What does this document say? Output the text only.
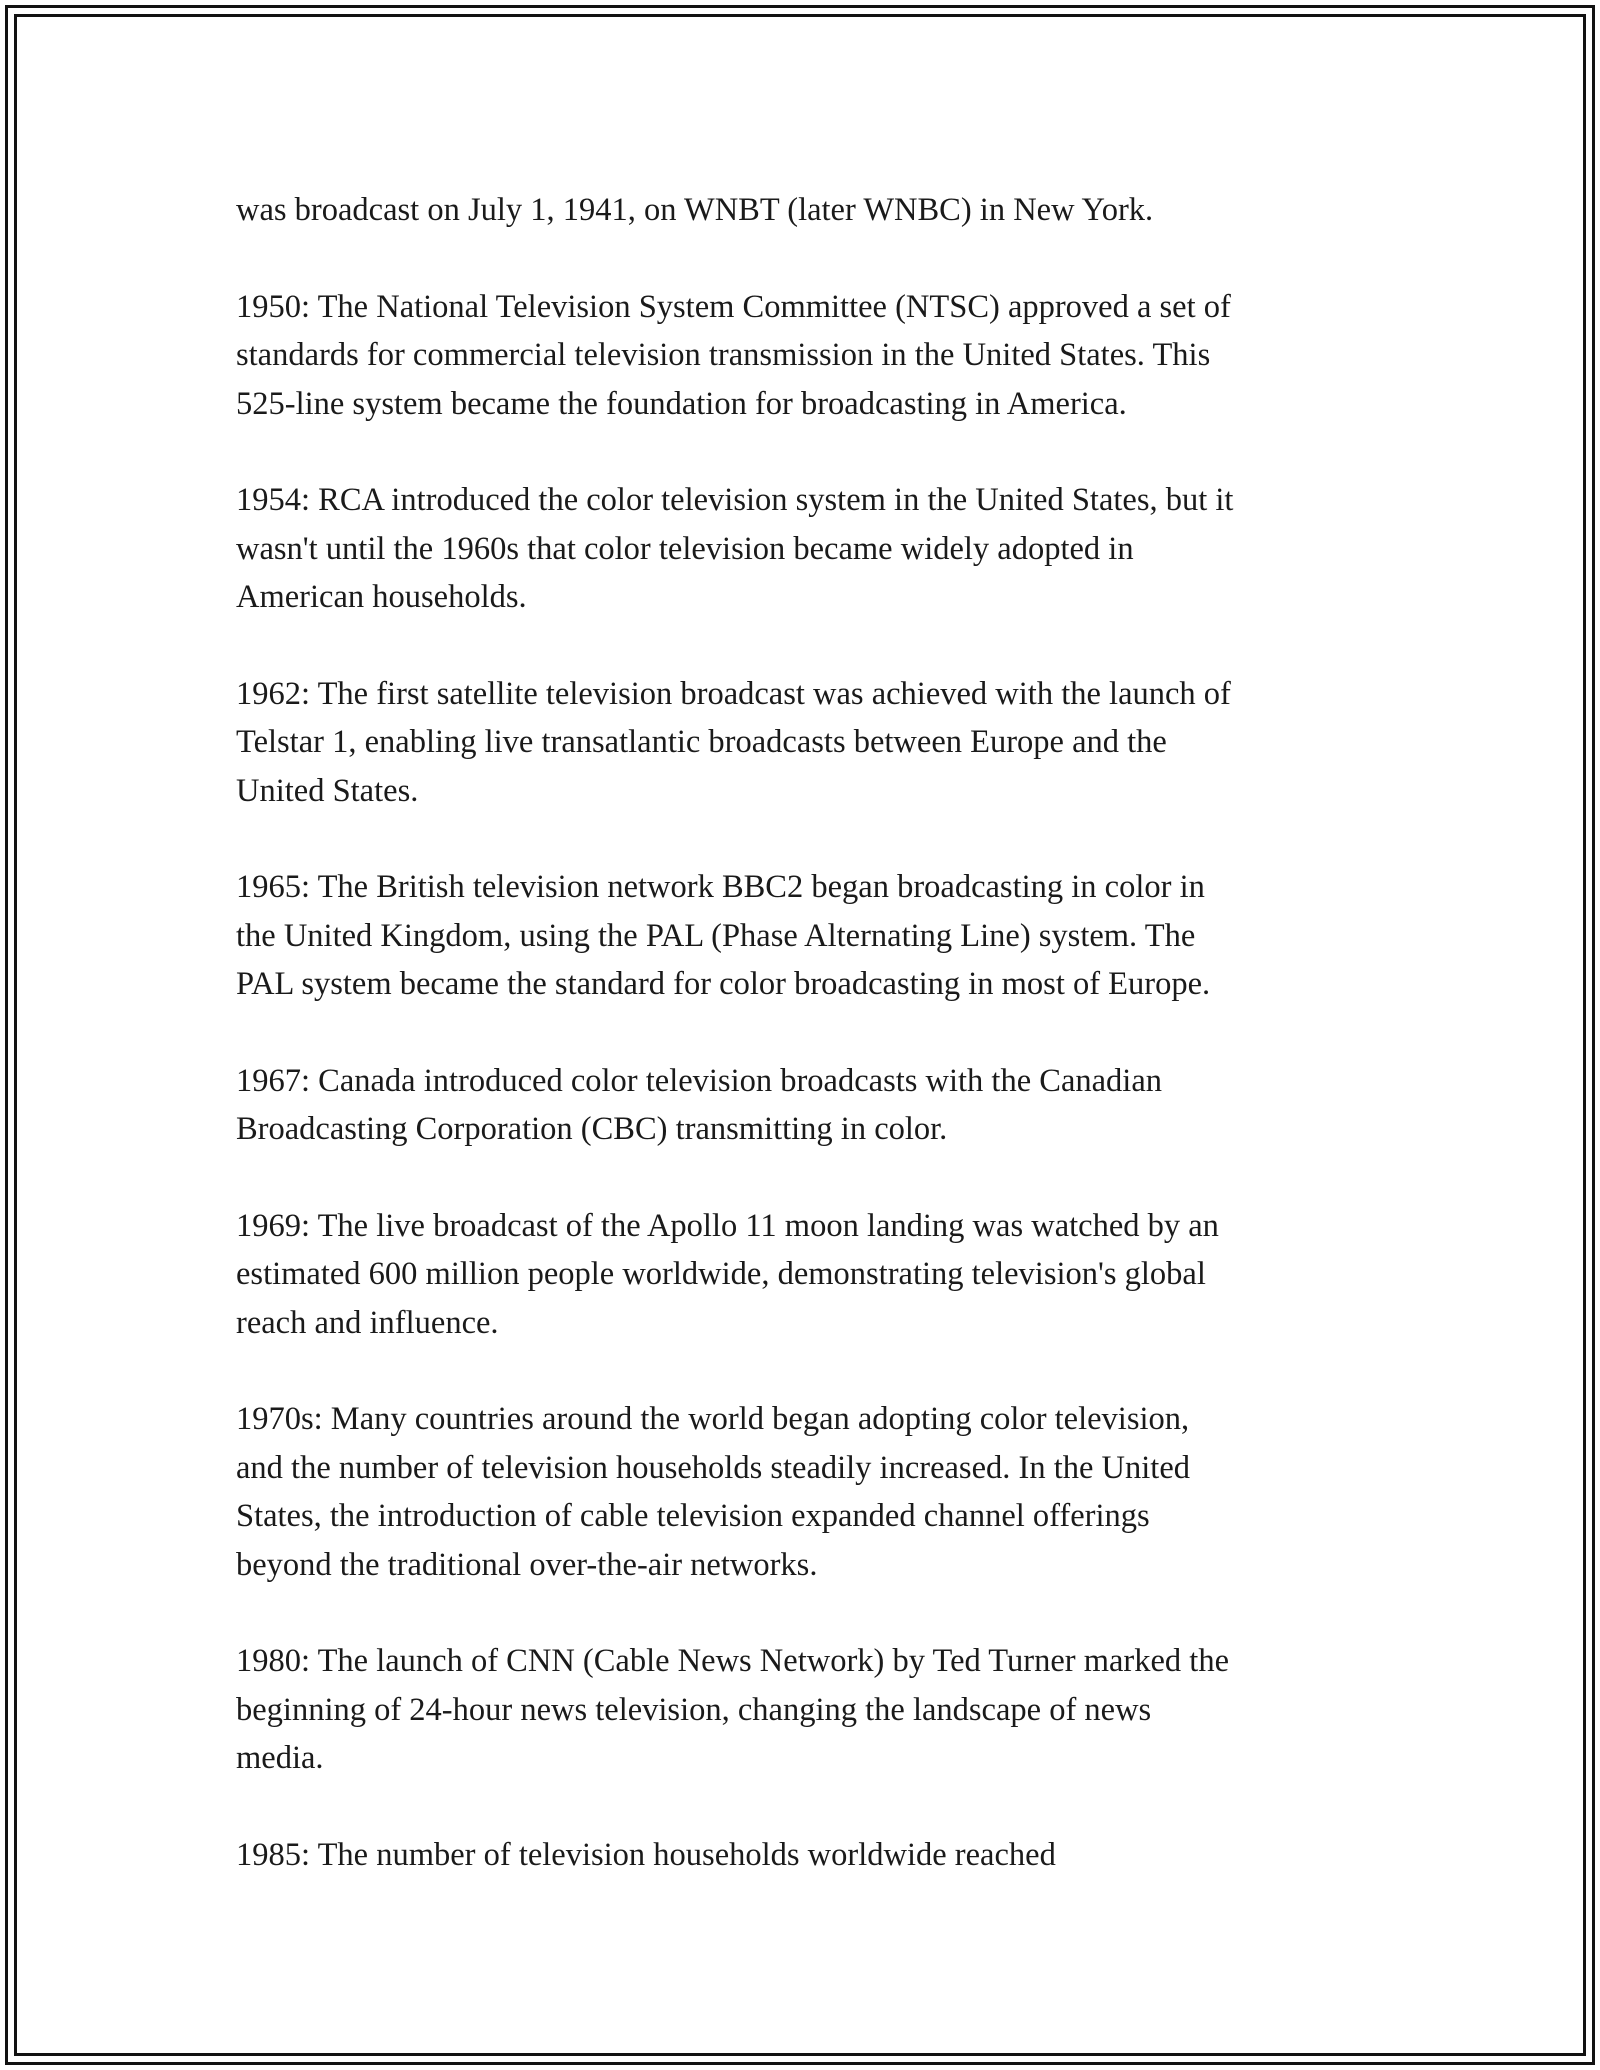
was broadcast on July 1, 1941, on WNBT (later WNBC) in New York.

1950: The National Television System Committee (NTSC) approved a set of
standards for commercial television transmission in the United States. This
525-line system became the foundation for broadcasting in America.

1954: RCA introduced the color television system in the United States, but it
wasn't until the 1960s that color television became widely adopted in
American households.

1962: The first satellite television broadcast was achieved with the launch of
Telstar 1, enabling live transatlantic broadcasts between Europe and the
United States.

1965: The British television network BBC2 began broadcasting in color in
the United Kingdom, using the PAL (Phase Alternating Line) system. The
PAL system became the standard for color broadcasting in most of Europe.

1967: Canada introduced color television broadcasts with the Canadian
Broadcasting Corporation (CBC) transmitting in color.

1969: The live broadcast of the Apollo 11 moon landing was watched by an
estimated 600 million people worldwide, demonstrating television's global
reach and influence.

1970s: Many countries around the world began adopting color television,
and the number of television households steadily increased. In the United
States, the introduction of cable television expanded channel offerings
beyond the traditional over-the-air networks.

1980: The launch of CNN (Cable News Network) by Ted Turner marked the
beginning of 24-hour news television, changing the landscape of news
media.

1985: The number of television households worldwide reached
